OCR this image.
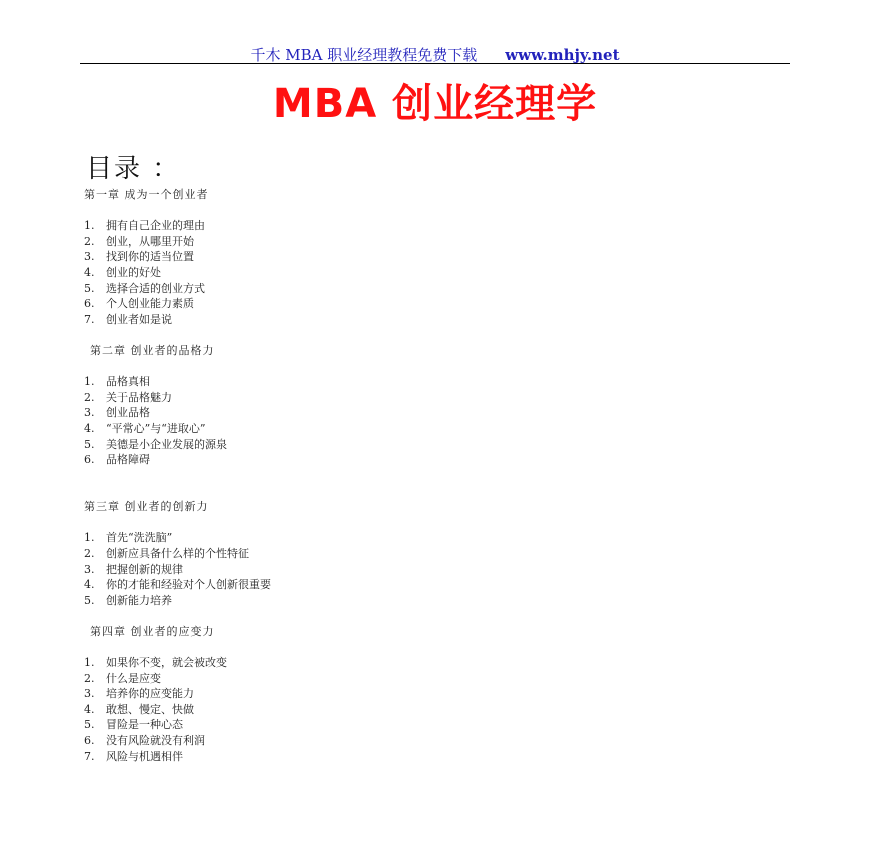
千木 MBA 职业经理教程免费下载 www.mhjy.net
MBA 创业经理学
目录 ：
第一章 成为一个创业者
1. 拥有自己企业的理由
2. 创业，从哪里开始
3. 找到你的适当位置
4. 创业的好处
5. 选择合适的创业方式
6. 个人创业能力素质
7. 创业者如是说
第二章 创业者的品格力
1. 品格真相
2. 关于品格魅力
3. 创业品格
4. “平常心”与“进取心”
5. 美德是小企业发展的源泉
6. 品格障碍
第三章 创业者的创新力
1. 首先“洗洗脑”
2. 创新应具备什么样的个性特征
3. 把握创新的规律
4. 你的才能和经验对个人创新很重要
5. 创新能力培养
第四章 创业者的应变力
1. 如果你不变，就会被改变
2. 什么是应变
3. 培养你的应变能力
4. 敢想、慢定、快做
5. 冒险是一种心态
6. 没有风险就没有利润
7. 风险与机遇相伴
